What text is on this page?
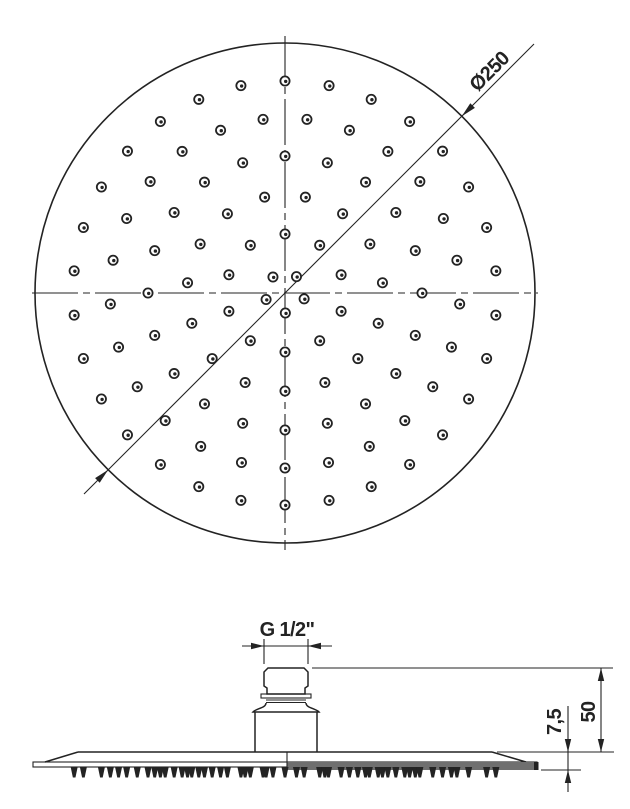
Ø250
G 1/2"
50
7,5
